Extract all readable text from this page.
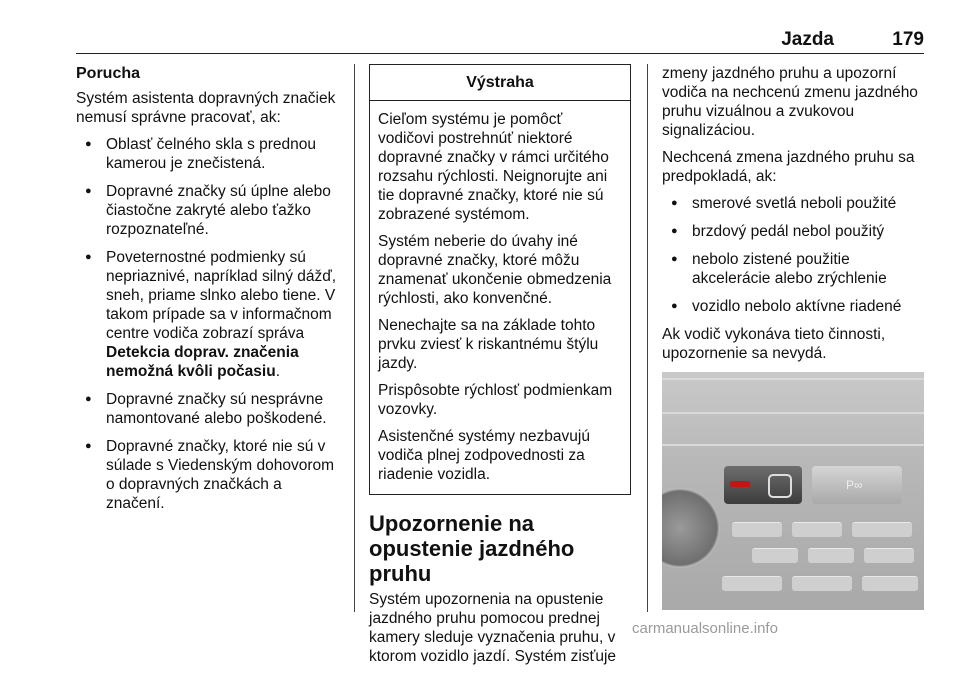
Jazda	179
Porucha

Systém asistenta dopravných značiek nemusí správne pracovať, ak:

● Oblasť čelného skla s prednou kamerou je znečistená.
● Dopravné značky sú úplne alebo čiastočne zakryté alebo ťažko rozpoznateľné.
● Poveternostné podmienky sú nepriaznivé, napríklad silný dážď, sneh, priame slnko alebo tiene. V takom prípade sa v informačnom centre vodiča zobrazí správa Detekcia doprav. značenia nemožná kvôli počasiu.
● Dopravné značky sú nesprávne namontované alebo poškodené.
● Dopravné značky, ktoré nie sú v súlade s Viedenským dohovorom o dopravných značkách a značení.
Výstraha

Cieľom systému je pomôcť vodičovi postrehnúť niektoré dopravné značky v rámci určitého rozsahu rýchlosti. Neignorujte ani tie dopravné značky, ktoré nie sú zobrazené systémom.

Systém neberie do úvahy iné dopravné značky, ktoré môžu znamenať ukončenie obmedzenia rýchlosti, ako konvenčné.

Nenechajte sa na základe tohto prvku zviesť k riskantnému štýlu jazdy.

Prispôsobte rýchlosť podmienkam vozovky.

Asistenčné systémy nezbavujú vodiča plnej zodpovednosti za riadenie vozidla.

Upozornenie na opustenie jazdného pruhu

Systém upozornenia na opustenie jazdného pruhu pomocou prednej kamery sleduje vyznačenia pruhu, v ktorom vozidlo jazdí. Systém zisťuje

zmeny jazdného pruhu a upozorní vodiča na nechcenú zmenu jazdného pruhu vizuálnou a zvukovou signalizáciou.

Nechcená zmena jazdného pruhu sa predpokladá, ak:

● smerové svetlá neboli použité
● brzdový pedál nebol použitý
● nebolo zistené použitie akcelerácie alebo zrýchlenie
● vozidlo nebolo aktívne riadené

Ak vodič vykonáva tieto činnosti, upozornenie sa nevydá.

P∞
carmanualsonline.info
